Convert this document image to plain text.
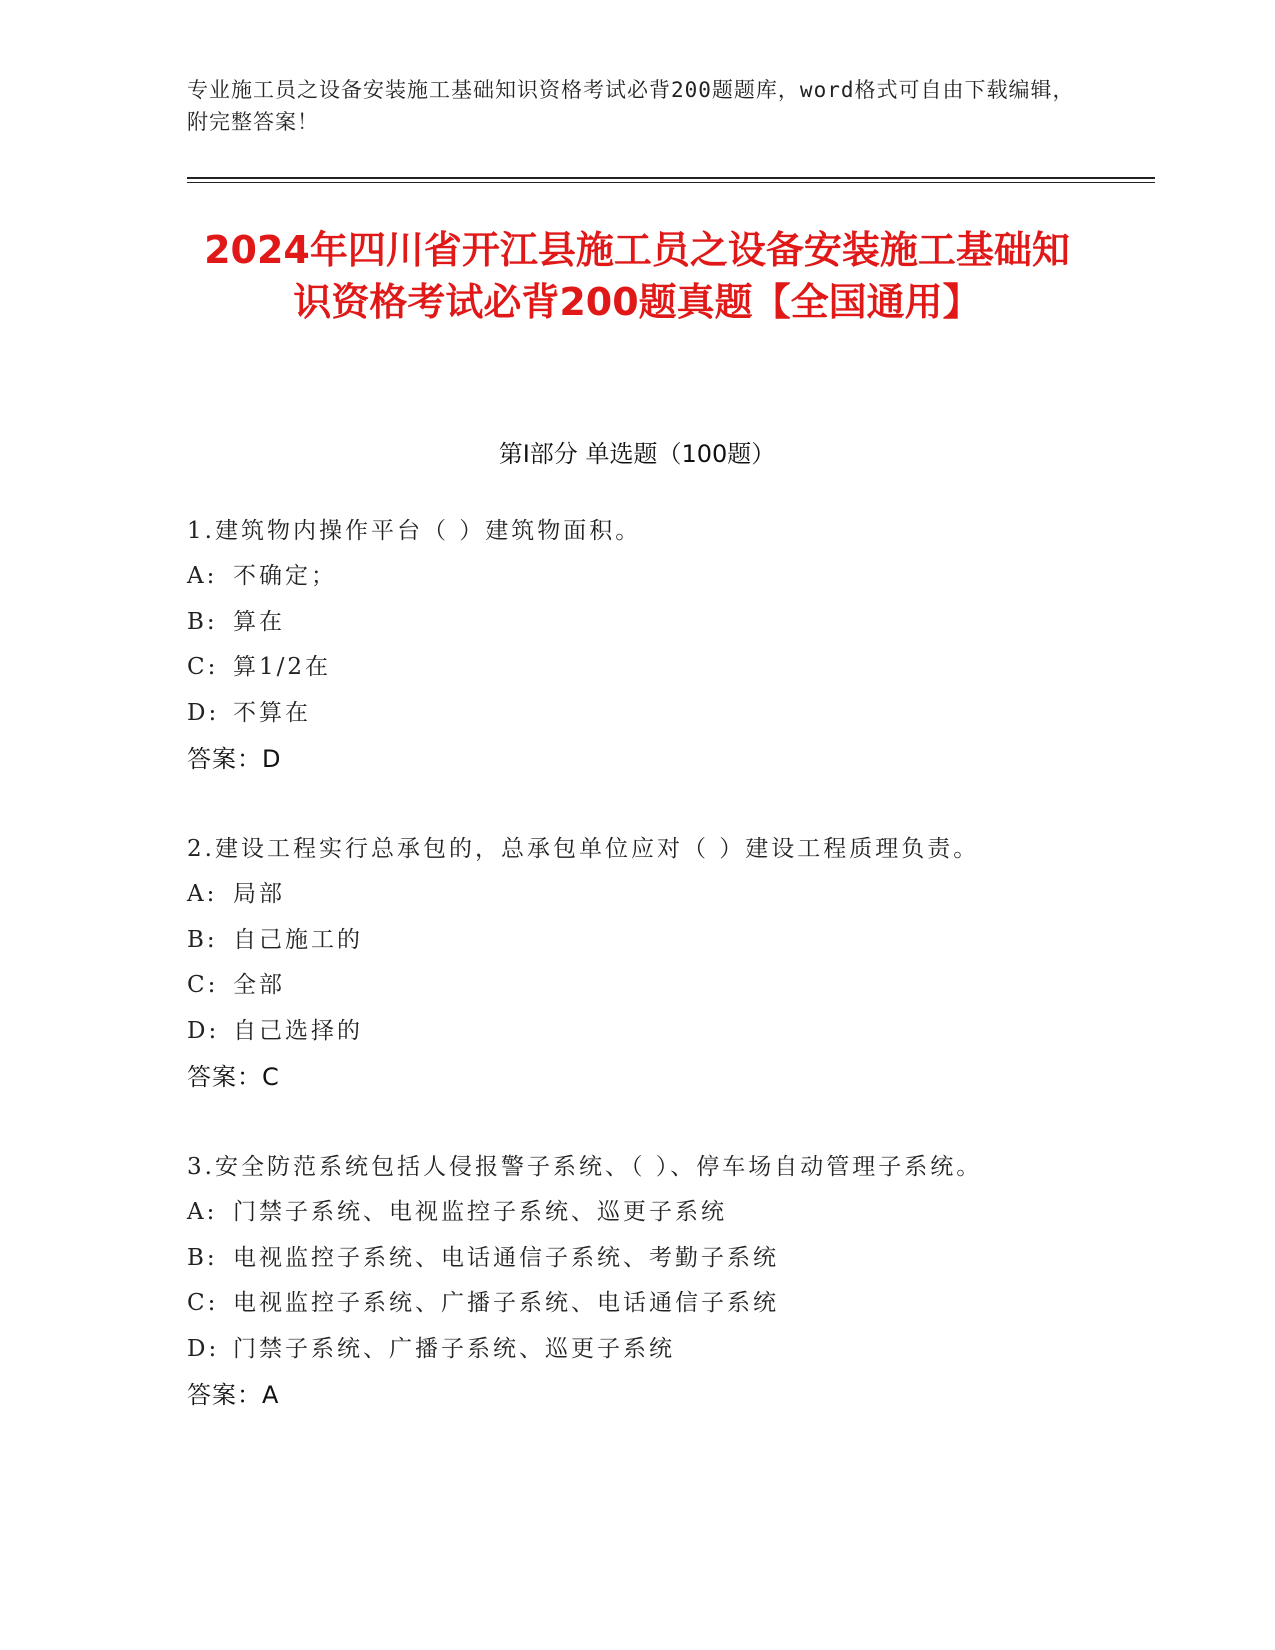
专业施工员之设备安装施工基础知识资格考试必背200题题库，word格式可自由下载编辑，附完整答案！
2024年四川省开江县施工员之设备安装施工基础知识资格考试必背200题真题【全国通用】
第I部分 单选题（100题）

1.建筑物内操作平台（ ）建筑物面积。

A: 不确定；

B: 算在

C: 算1/2在

D: 不算在

答案：D

2.建设工程实行总承包的，总承包单位应对（ ）建设工程质理负责。

A: 局部

B: 自己施工的

C: 全部

D: 自己选择的

答案：C

3.安全防范系统包括人侵报警子系统、（ ）、停车场自动管理子系统。

A: 门禁子系统、电视监控子系统、巡更子系统

B: 电视监控子系统、电话通信子系统、考勤子系统

C: 电视监控子系统、广播子系统、电话通信子系统

D: 门禁子系统、广播子系统、巡更子系统

答案：A
